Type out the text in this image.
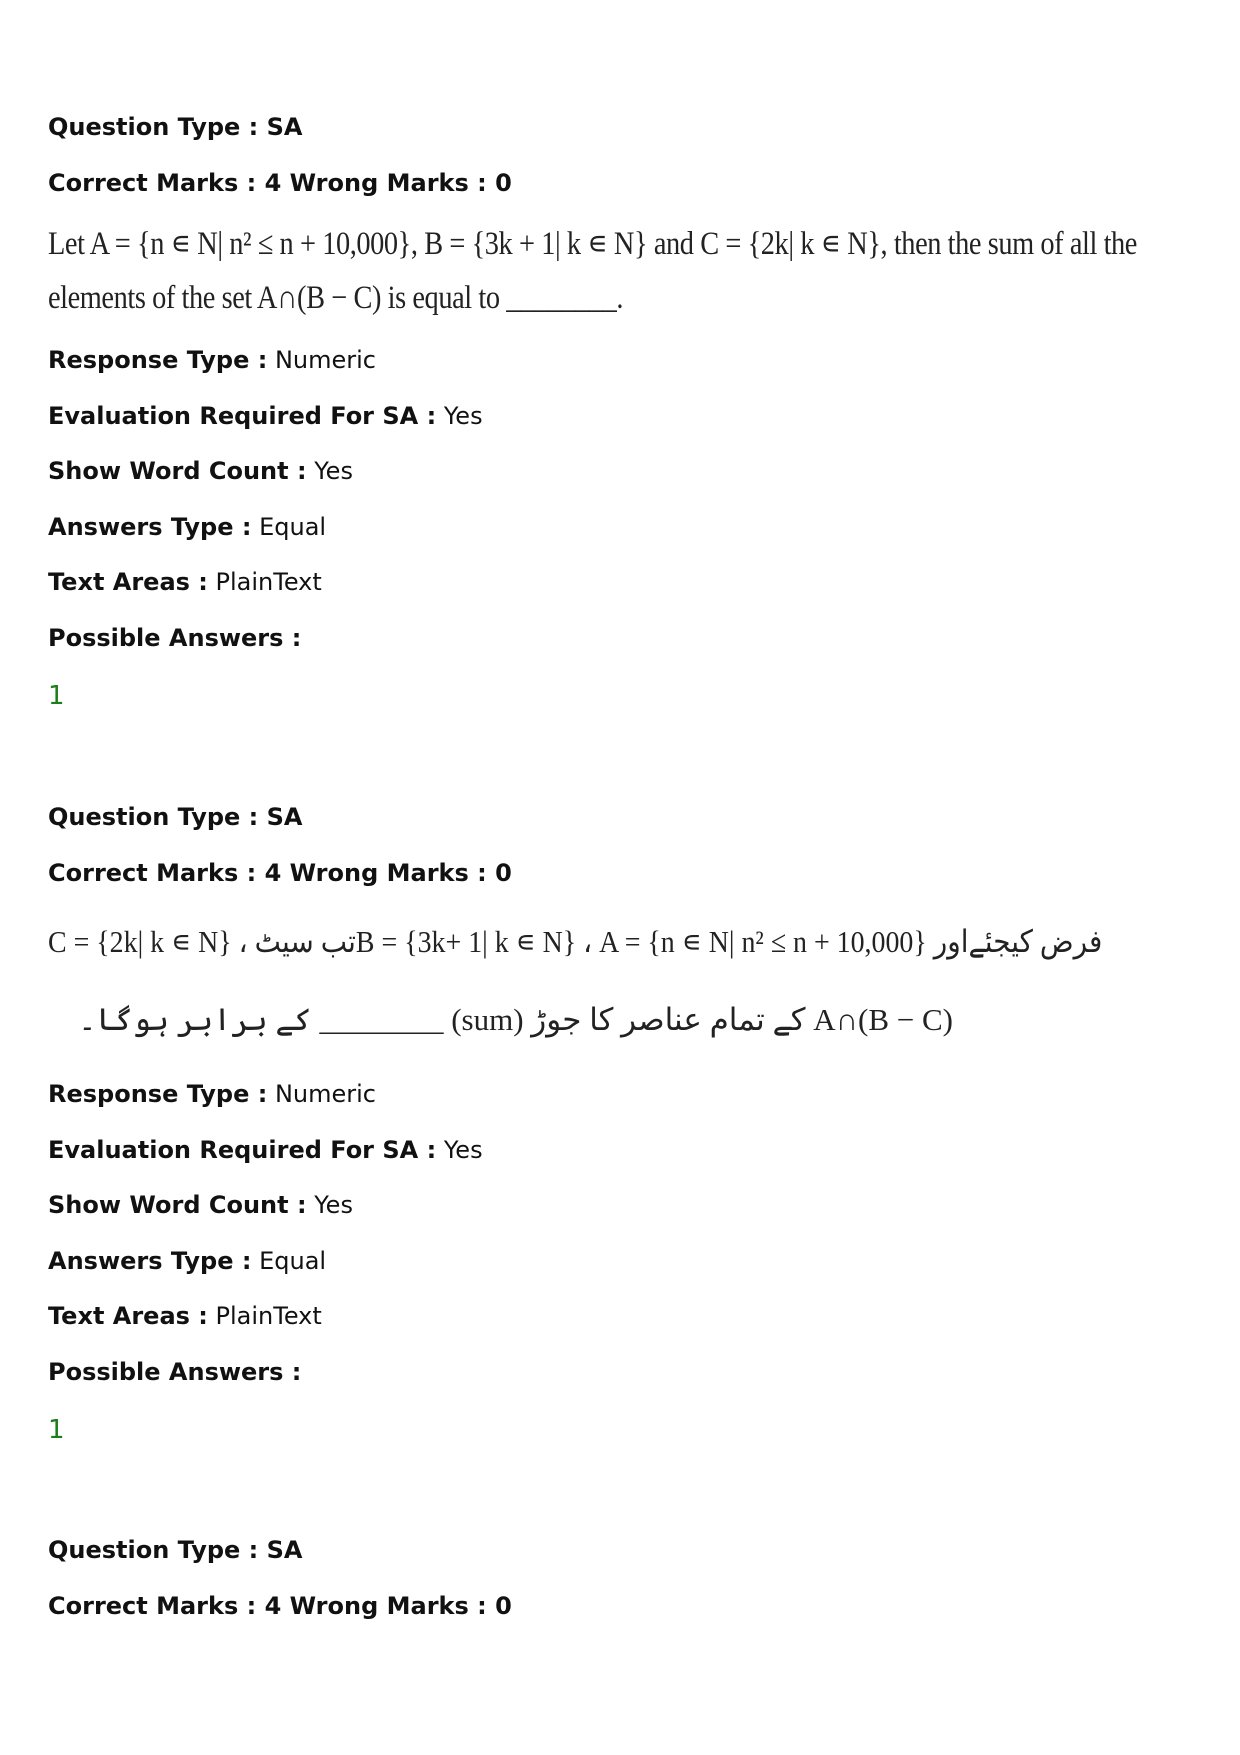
Question Type : SA
Correct Marks : 4 Wrong Marks : 0
Let A = {n ∊ N| n² ≤ n + 10,000}, B = {3k + 1| k ∊ N} and C = {2k| k ∊ N}, then the sum of all the
elements of the set A∩(B − C) is equal to ________.
Response Type : Numeric
Evaluation Required For SA : Yes
Show Word Count : Yes
Answers Type : Equal
Text Areas : PlainText
Possible Answers :
1
Question Type : SA
Correct Marks : 4 Wrong Marks : 0
تب سیٹ ، C = {2k| k ∊ N} اور B = {3k+ 1| k ∊ N} ، A = {n ∊ N| n² ≤ n + 10,000} فرض کیجئے
A∩(B − C) کے تمام عناصر کا جوڑ (sum) ________ کے برابر ہوگا۔
Response Type : Numeric
Evaluation Required For SA : Yes
Show Word Count : Yes
Answers Type : Equal
Text Areas : PlainText
Possible Answers :
1
Question Type : SA
Correct Marks : 4 Wrong Marks : 0
